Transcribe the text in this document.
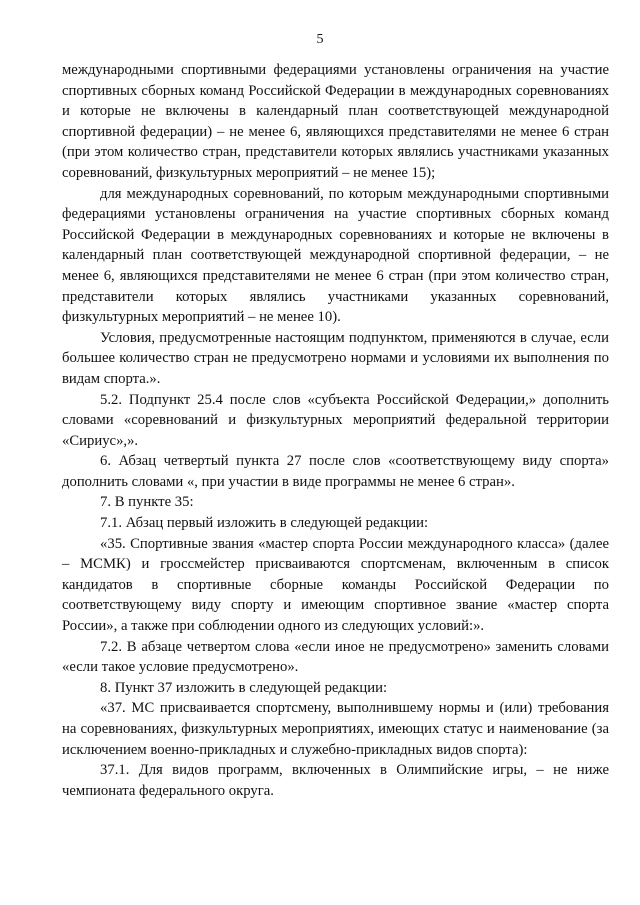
5

международными спортивными федерациями установлены ограничения на участие спортивных сборных команд Российской Федерации в международных соревнованиях и которые не включены в календарный план соответствующей международной спортивной федерации) – не менее 6, являющихся представителями не менее 6 стран (при этом количество стран, представители которых являлись участниками указанных соревнований, физкультурных мероприятий – не менее 15);

для международных соревнований, по которым международными спортивными федерациями установлены ограничения на участие спортивных сборных команд Российской Федерации в международных соревнованиях и которые не включены в календарный план соответствующей международной спортивной федерации, – не менее 6, являющихся представителями не менее 6 стран (при этом количество стран, представители которых являлись участниками указанных соревнований, физкультурных мероприятий – не менее 10).

Условия, предусмотренные настоящим подпунктом, применяются в случае, если большее количество стран не предусмотрено нормами и условиями их выполнения по видам спорта.».

5.2. Подпункт 25.4 после слов «субъекта Российской Федерации,» дополнить словами «соревнований и физкультурных мероприятий федеральной территории «Сириус»,».

6. Абзац четвертый пункта 27 после слов «соответствующему виду спорта» дополнить словами «, при участии в виде программы не менее 6 стран».

7. В пункте 35:

7.1. Абзац первый изложить в следующей редакции:

«35. Спортивные звания «мастер спорта России международного класса» (далее – МСМК) и гроссмейстер присваиваются спортсменам, включенным в список кандидатов в спортивные сборные команды Российской Федерации по соответствующему виду спорту и имеющим спортивное звание «мастер спорта России», а также при соблюдении одного из следующих условий:».

7.2. В абзаце четвертом слова «если иное не предусмотрено» заменить словами «если такое условие предусмотрено».

8. Пункт 37 изложить в следующей редакции:

«37. МС присваивается спортсмену, выполнившему нормы и (или) требования на соревнованиях, физкультурных мероприятиях, имеющих статус и наименование (за исключением военно-прикладных и служебно-прикладных видов спорта):

37.1. Для видов программ, включенных в Олимпийские игры, – не ниже чемпионата федерального округа.
